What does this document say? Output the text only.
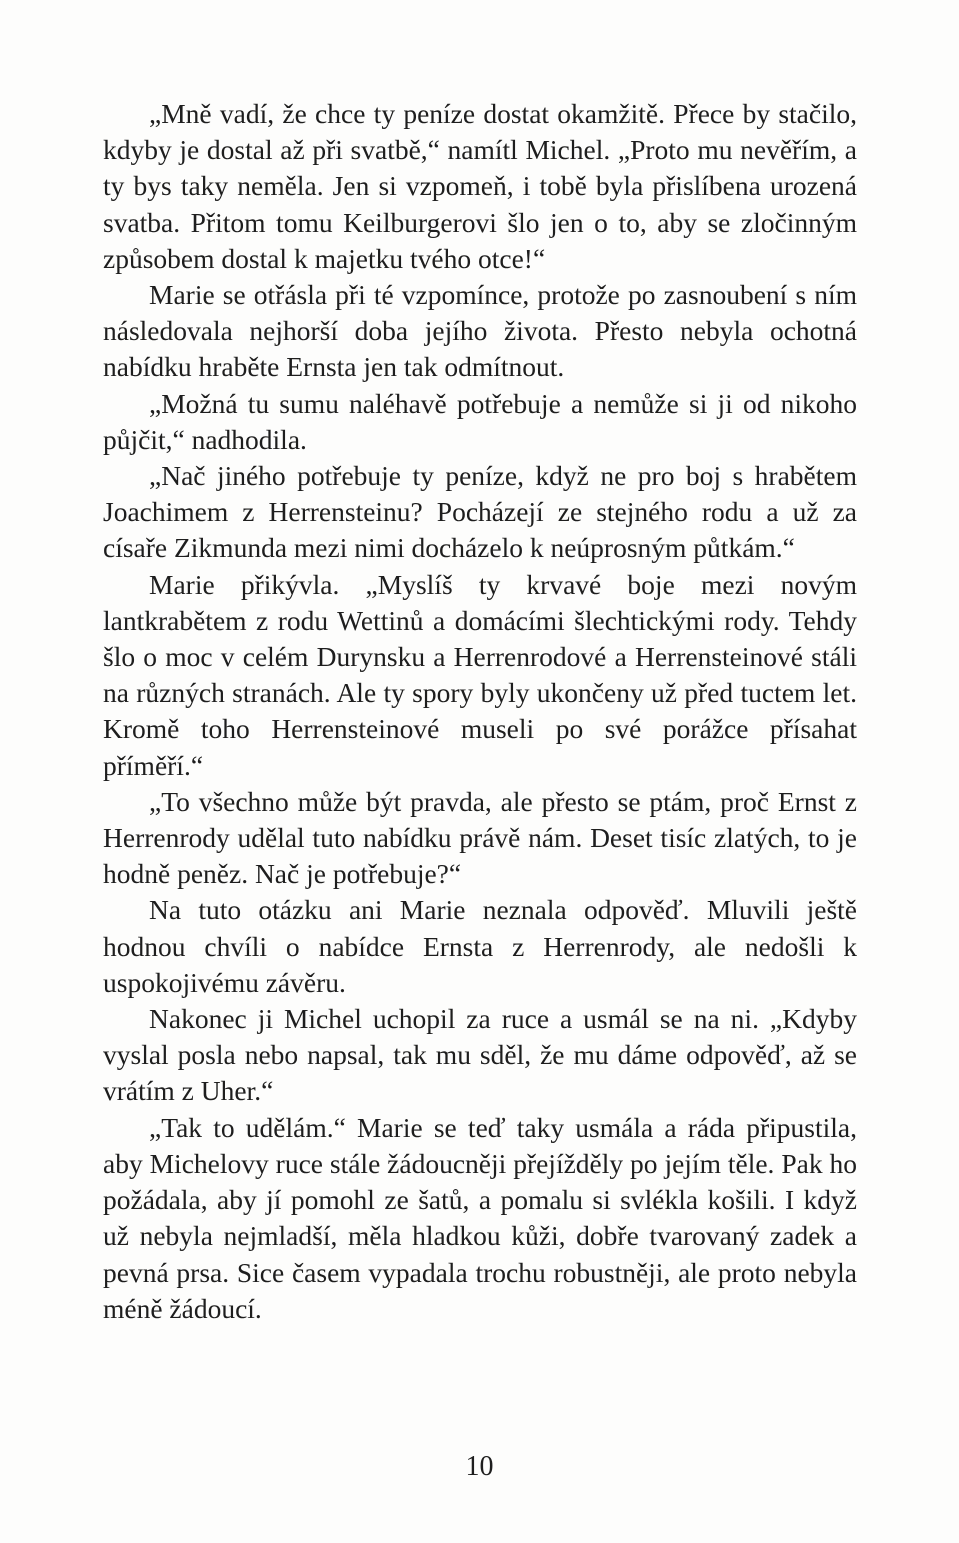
„Mně vadí, že chce ty peníze dostat okamžitě. Přece by stačilo, kdyby je dostal až při svatbě,“ namítl Michel. „Proto mu nevěřím, a ty bys taky neměla. Jen si vzpomeň, i tobě byla přislíbena urozená svatba. Přitom tomu Keilburgerovi šlo jen o to, aby se zločinným způsobem dostal k majetku tvého otce!“

Marie se otřásla při té vzpomínce, protože po zasnoubení s ním následovala nejhorší doba jejího života. Přesto nebyla ochotná nabídku hraběte Ernsta jen tak odmítnout.

„Možná tu sumu naléhavě potřebuje a nemůže si ji od nikoho půjčit,“ nadhodila.

„Nač jiného potřebuje ty peníze, když ne pro boj s hrabětem Joachimem z Herrensteinu? Pocházejí ze stejného rodu a už za císaře Zikmunda mezi nimi docházelo k neúprosným půtkám.“

Marie přikývla. „Myslíš ty krvavé boje mezi novým lantkrabětem z rodu Wettinů a domácími šlechtickými rody. Tehdy šlo o moc v celém Durynsku a Herrenrodové a Herrensteinové stáli na různých stranách. Ale ty spory byly ukončeny už před tuctem let. Kromě toho Herrensteinové museli po své porážce přísahat příměří.“

„To všechno může být pravda, ale přesto se ptám, proč Ernst z Herrenrody udělal tuto nabídku právě nám. Deset tisíc zlatých, to je hodně peněz. Nač je potřebuje?“

Na tuto otázku ani Marie neznala odpověď. Mluvili ještě hodnou chvíli o nabídce Ernsta z Herrenrody, ale nedošli k uspokojivému závěru.

Nakonec ji Michel uchopil za ruce a usmál se na ni. „Kdyby vyslal posla nebo napsal, tak mu sděl, že mu dáme odpověď, až se vrátím z Uher.“

„Tak to udělám.“ Marie se teď taky usmála a ráda připustila, aby Michelovy ruce stále žádoucněji přejížděly po jejím těle. Pak ho požádala, aby jí pomohl ze šatů, a pomalu si svlékla košili. I když už nebyla nejmladší, měla hladkou kůži, dobře tvarovaný zadek a pevná prsa. Sice časem vypadala trochu robustněji, ale proto nebyla méně žádoucí.

10
